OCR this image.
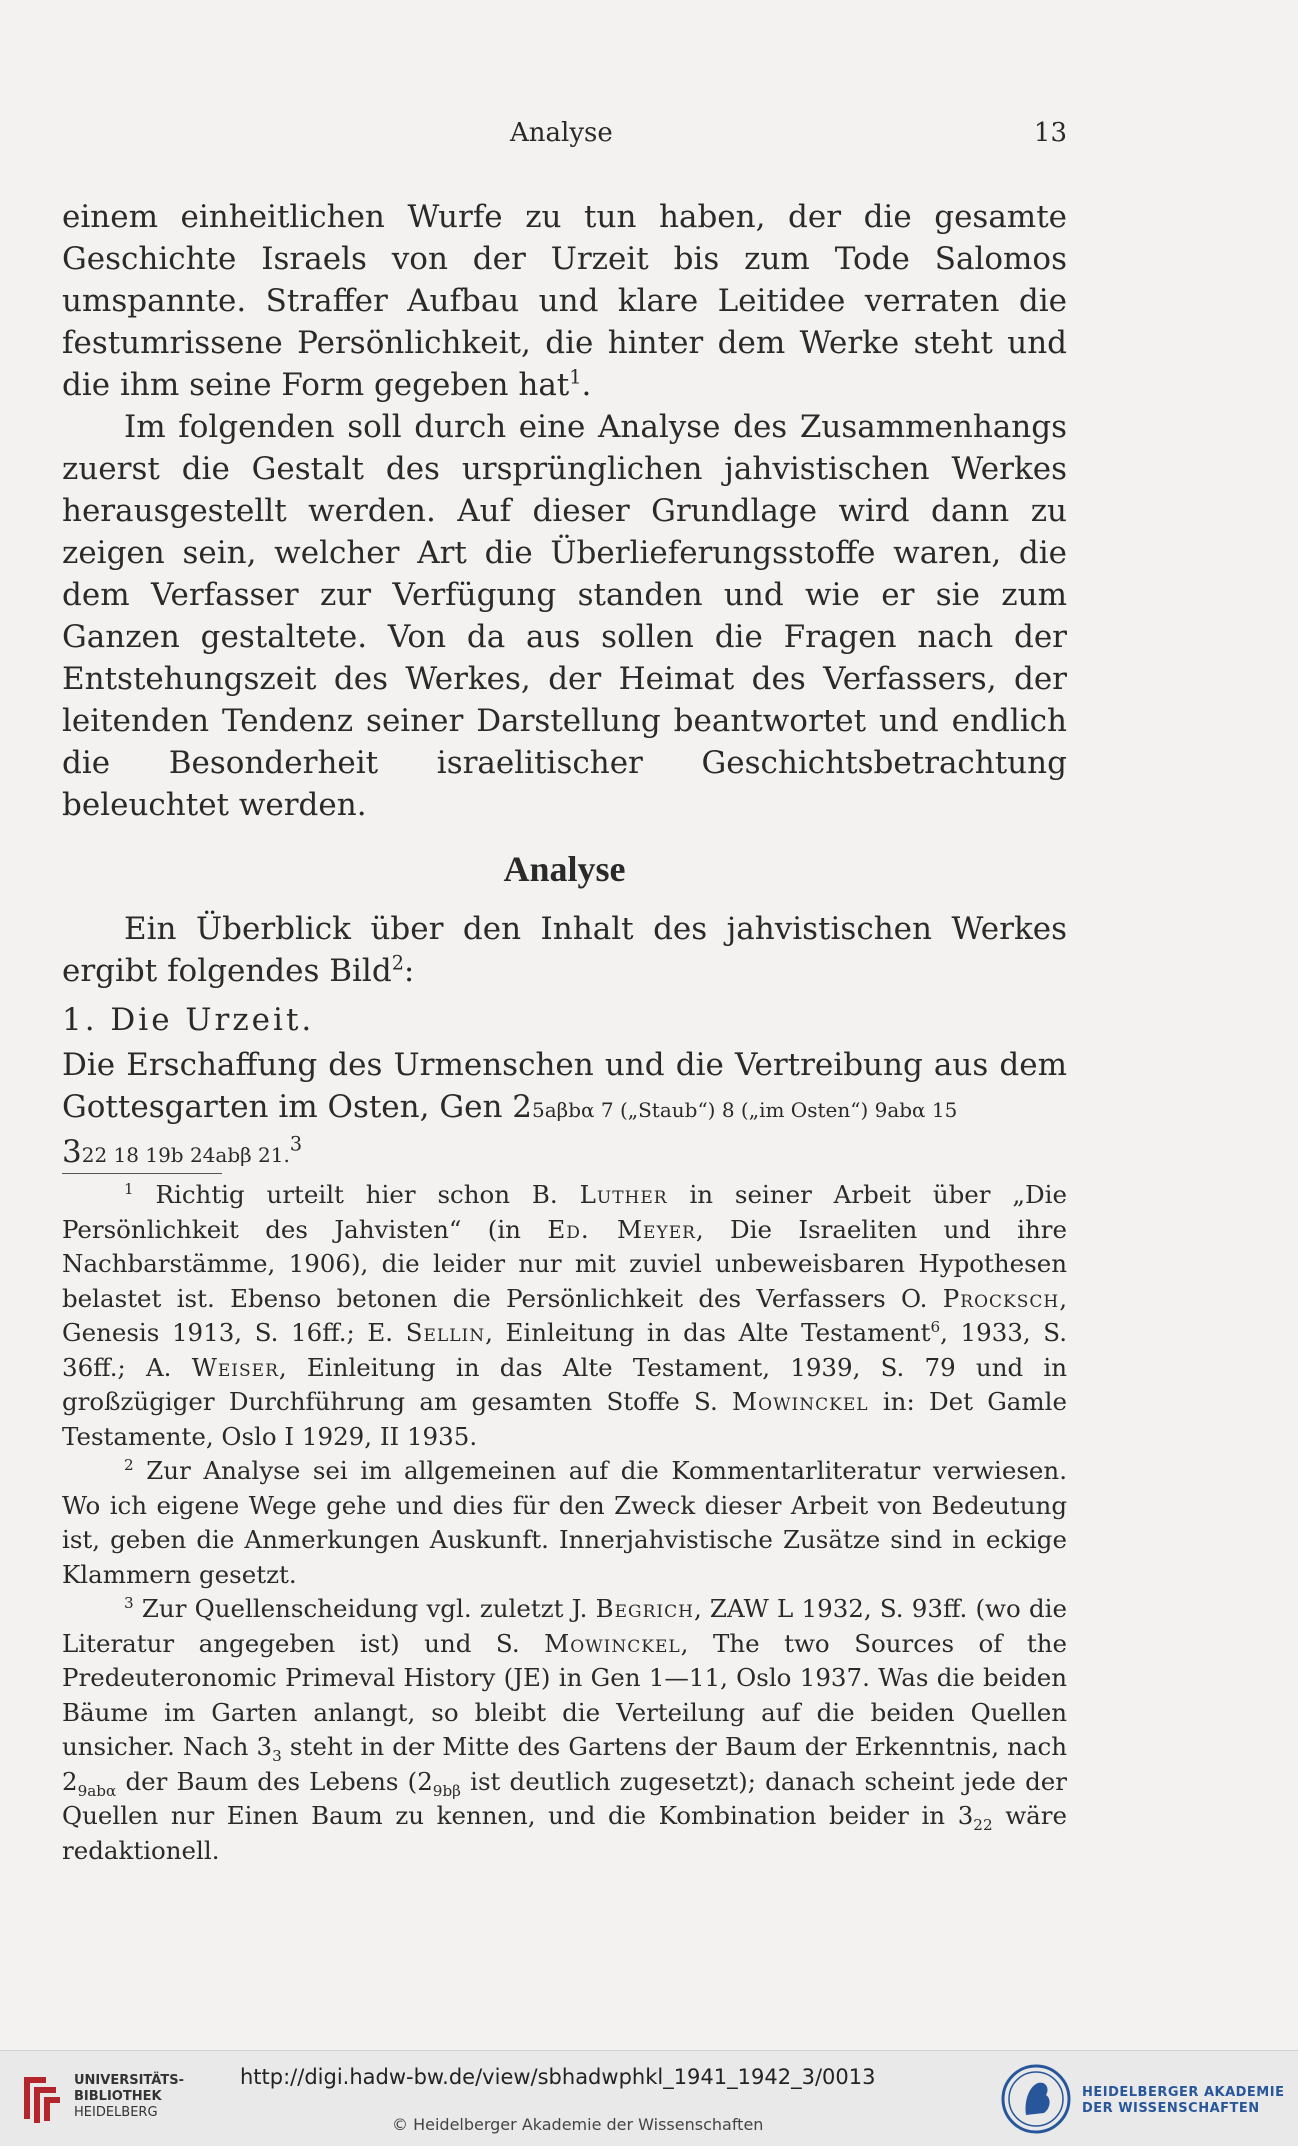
Analyse	13

einem einheitlichen Wurfe zu tun haben, der die gesamte Geschichte Israels von der Urzeit bis zum Tode Salomos umspannte. Straffer Aufbau und klare Leitidee verraten die festumrissene Persönlichkeit, die hinter dem Werke steht und die ihm seine Form gegeben hat$^1$.

Im folgenden soll durch eine Analyse des Zusammenhangs zuerst die Gestalt des ursprünglichen jahvistischen Werkes herausgestellt werden. Auf dieser Grundlage wird dann zu zeigen sein, welcher Art die Überlieferungsstoffe waren, die dem Verfasser zur Verfügung standen und wie er sie zum Ganzen gestaltete. Von da aus sollen die Fragen nach der Entstehungszeit des Werkes, der Heimat des Verfassers, der leitenden Tendenz seiner Darstellung beantwortet und endlich die Besonderheit israelitischer Geschichtsbetrachtung beleuchtet werden.

Analyse

Ein Überblick über den Inhalt des jahvistischen Werkes ergibt folgendes Bild$^2$:

1. Die Urzeit.

Die Erschaffung des Urmenschen und die Vertreibung aus dem Gottesgarten im Osten, Gen 25aβbα 7 („Staub“) 8 („im Osten“) 9abα 15
322 18 19b 24abβ 21.$^3$

$^1$ Richtig urteilt hier schon B. Luther in seiner Arbeit über „Die Persönlichkeit des Jahvisten“ (in Ed. Meyer, Die Israeliten und ihre Nachbarstämme, 1906), die leider nur mit zuviel unbeweisbaren Hypothesen belastet ist. Ebenso betonen die Persönlichkeit des Verfassers O. Procksch, Genesis 1913, S. 16ff.; E. Sellin, Einleitung in das Alte Testament$^6$, 1933, S. 36ff.; A. Weiser, Einleitung in das Alte Testament, 1939, S. 79 und in großzügiger Durchführung am gesamten Stoffe S. Mowinckel in: Det Gamle Testamente, Oslo I 1929, II 1935.

$^2$ Zur Analyse sei im allgemeinen auf die Kommentarliteratur verwiesen. Wo ich eigene Wege gehe und dies für den Zweck dieser Arbeit von Bedeutung ist, geben die Anmerkungen Auskunft. Innerjahvistische Zusätze sind in eckige Klammern gesetzt.

$^3$ Zur Quellenscheidung vgl. zuletzt J. Begrich, ZAW L 1932, S. 93ff. (wo die Literatur angegeben ist) und S. Mowinckel, The two Sources of the Predeuteronomic Primeval History (JE) in Gen 1—11, Oslo 1937. Was die beiden Bäume im Garten anlangt, so bleibt die Verteilung auf die beiden Quellen unsicher. Nach $3_3$ steht in der Mitte des Gartens der Baum der Erkenntnis, nach $2_{9ab\alpha}$ der Baum des Lebens ($2_{9b\beta}$ ist deutlich zugesetzt); danach scheint jede der Quellen nur Einen Baum zu kennen, und die Kombination beider in $3_{22}$ wäre redaktionell.

UNIVERSITÄTS-
BIBLIOTHEK
HEIDELBERG
http://digi.hadw-bw.de/view/sbhadwphkl_1941_1942_3/0013
© Heidelberger Akademie der Wissenschaften
HEIDELBERGER AKADEMIE
DER WISSENSCHAFTEN
